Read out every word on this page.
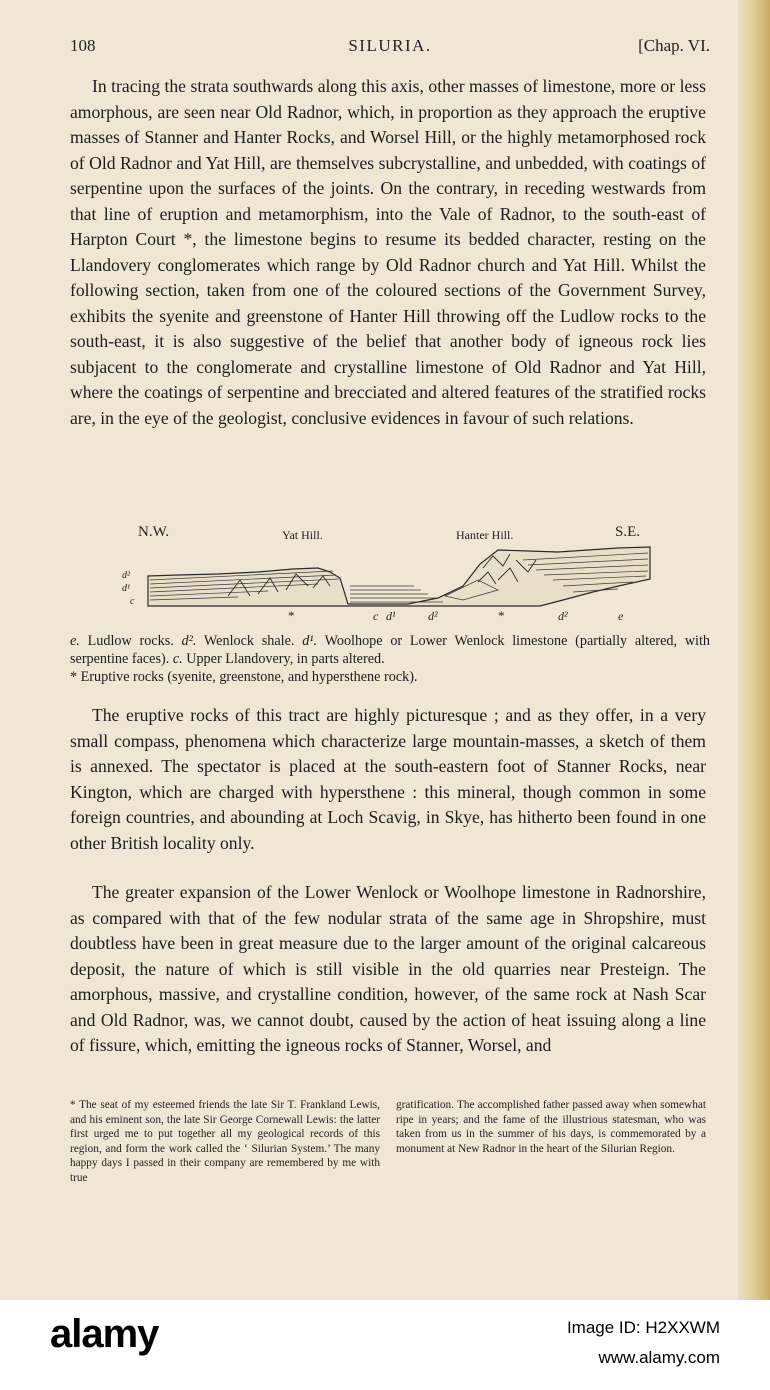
108	SILURIA.	[Chap. VI.

In tracing the strata southwards along this axis, other masses of limestone, more or less amorphous, are seen near Old Radnor, which, in proportion as they approach the eruptive masses of Stanner and Hanter Rocks, and Worsel Hill, or the highly metamorphosed rock of Old Radnor and Yat Hill, are themselves subcrystalline, and unbedded, with coatings of serpentine upon the surfaces of the joints. On the contrary, in receding westwards from that line of eruption and metamorphism, into the Vale of Radnor, to the south-east of Harpton Court *, the limestone begins to resume its bedded character, resting on the Llandovery conglomerates which range by Old Radnor church and Yat Hill. Whilst the following section, taken from one of the coloured sections of the Government Survey, exhibits the syenite and greenstone of Hanter Hill throwing off the Ludlow rocks to the south-east, it is also suggestive of the belief that another body of igneous rock lies subjacent to the conglomerate and crystalline limestone of Old Radnor and Yat Hill, where the coatings of serpentine and brecciated and altered features of the stratified rocks are, in the eye of the geologist, conclusive evidences in favour of such relations.

N.W.	Yat Hill.	Hanter Hill.	S.E.
d²
d¹
c
*	c d¹	d²	*	d²	e
e. Ludlow rocks. d². Wenlock shale. d¹. Woolhope or Lower Wenlock limestone (partially altered, with serpentine faces). c. Upper Llandovery, in parts altered.
* Eruptive rocks (syenite, greenstone, and hypersthene rock).

The eruptive rocks of this tract are highly picturesque ; and as they offer, in a very small compass, phenomena which characterize large mountain-masses, a sketch of them is annexed. The spectator is placed at the south-eastern foot of Stanner Rocks, near Kington, which are charged with hypersthene : this mineral, though common in some foreign countries, and abounding at Loch Scavig, in Skye, has hitherto been found in one other British locality only.

The greater expansion of the Lower Wenlock or Woolhope limestone in Radnorshire, as compared with that of the few nodular strata of the same age in Shropshire, must doubtless have been in great measure due to the larger amount of the original calcareous deposit, the nature of which is still visible in the old quarries near Presteign. The amorphous, massive, and crystalline condition, however, of the same rock at Nash Scar and Old Radnor, was, we cannot doubt, caused by the action of heat issuing along a line of fissure, which, emitting the igneous rocks of Stanner, Worsel, and

* The seat of my esteemed friends the late Sir T. Frankland Lewis, and his eminent son, the late Sir George Cornewall Lewis: the latter first urged me to put together all my geological records of this region, and form the work called the ‘ Silurian System.’ The many happy days I passed in their company are remembered by me with true
gratification. The accomplished father passed away when somewhat ripe in years; and the fame of the illustrious statesman, who was taken from us in the summer of his days, is commemorated by a monument at New Radnor in the heart of the Silurian Region.
alamy	Image ID: H2XXWM
www.alamy.com
